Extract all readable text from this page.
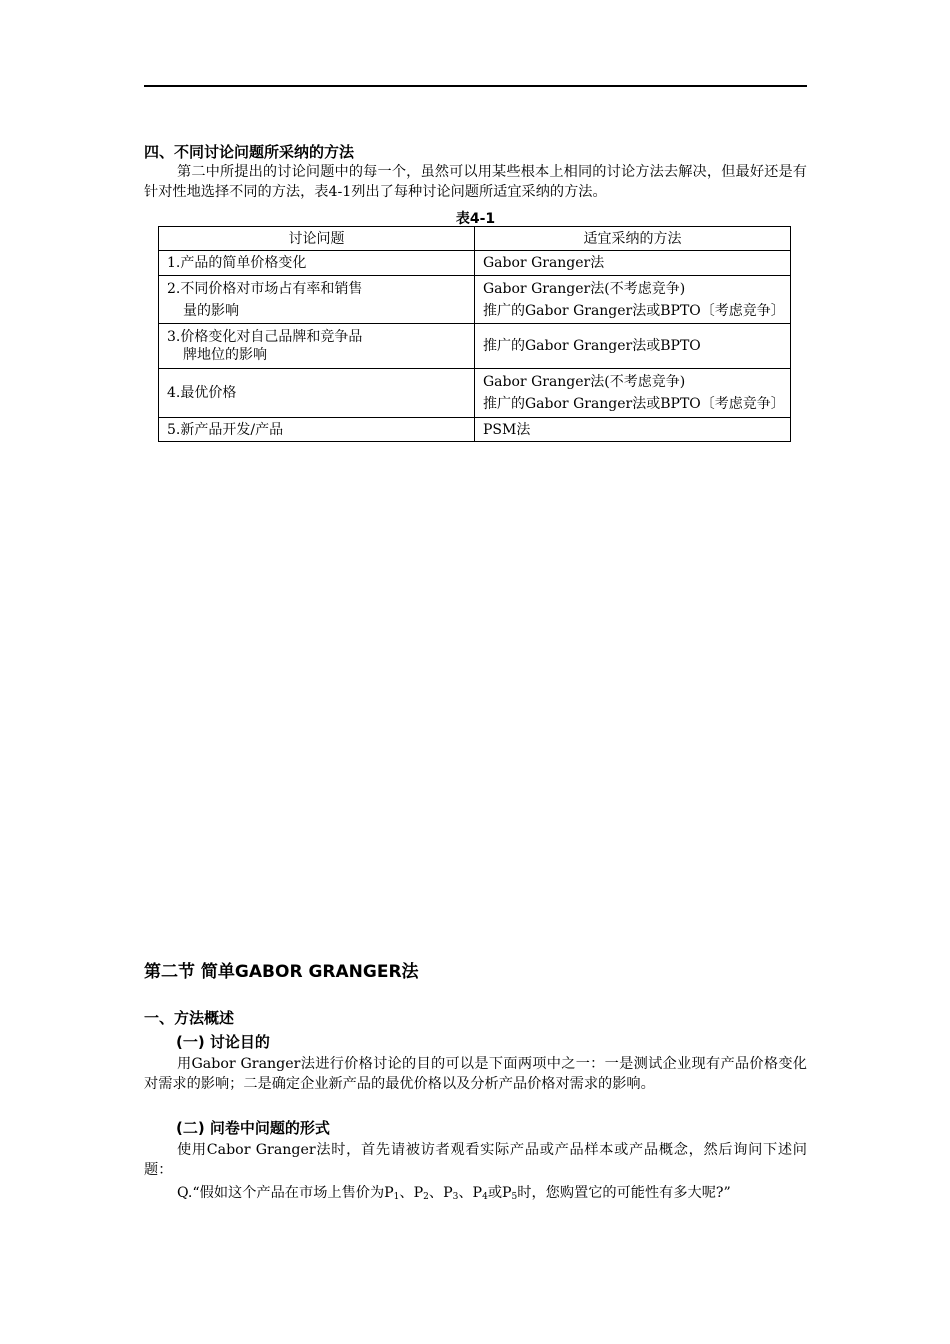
四、不同讨论问题所采纳的方法

第二中所提出的讨论问题中的每一个，虽然可以用某些根本上相同的讨论方法去解决，但最好还是有针对性地选择不同的方法，表4-1列出了每种讨论问题所适宜采纳的方法。

表4-1
讨论问题	适宜采纳的方法

1.产品的简单价格变化	Gabor Granger法

2.不同价格对市场占有率和销售
量的影响	Gabor Granger法(不考虑竞争)
推广的Gabor Granger法或BPTO〔考虑竞争〕

3.价格变化对自己品牌和竞争品
牌地位的影响	推广的Gabor Granger法或BPTO

4.最优价格	Gabor Granger法(不考虑竞争)
推广的Gabor Granger法或BPTO〔考虑竞争〕

5.新产品开发/产品	PSM法
第二节 简单GABOR GRANGER法
一、方法概述
(一) 讨论目的

用Gabor Granger法进行价格讨论的目的可以是下面两项中之一：一是测试企业现有产品价格变化对需求的影响；二是确定企业新产品的最优价格以及分析产品价格对需求的影响。

(二) 问卷中问题的形式

使用Cabor Granger法时，首先请被访者观看实际产品或产品样本或产品概念，然后询问下述问题：

Q.“假如这个产品在市场上售价为$P_1$、$P_2$、$P_3$、$P_4$或$P_5$时，您购置它的可能性有多大呢?”
